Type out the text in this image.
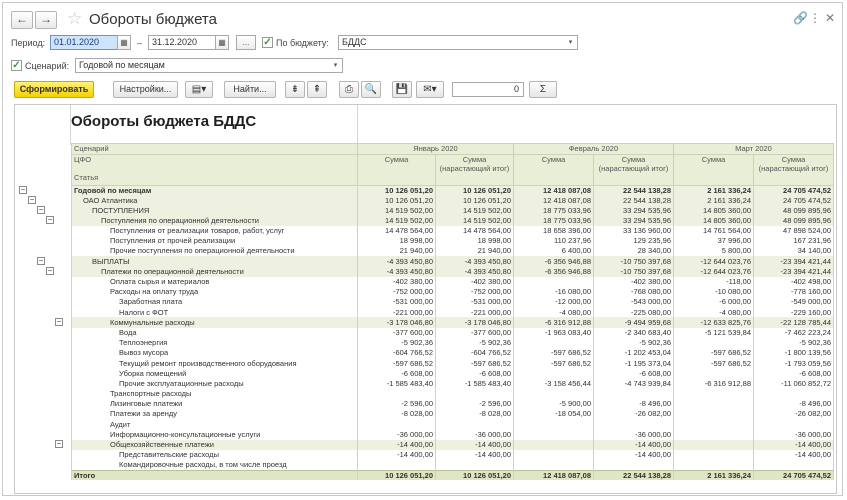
←	→ ☆ Обороты бюджета	🔗 ⋮ ✕
Период: 01.01.2020	▦	–	31.12.2020	▦	...	✓ По бюджету:	БДДС	▾
✓ Сценарий:	Годовой по месяцам	▾
Сформировать	Настройки...	▤▾	Найти...	⇟	⇞	⎙	🔍	💾	✉▾	0	Σ
Обороты бюджета БДДС
−
−
−
−
−
−
−
−
Сценарий	Январь 2020		Февраль 2020		Март 2020	

ЦФО
Статья	Сумма	Сумма (нарастающий итог)	Сумма	Сумма (нарастающий итог)	Сумма	Сумма (нарастающий итог)
Годовой по месяцам	10 126 051,20	10 126 051,20	12 418 087,08	22 544 138,28	2 161 336,24	24 705 474,52
ОАО Атлантика	10 126 051,20	10 126 051,20	12 418 087,08	22 544 138,28	2 161 336,24	24 705 474,52
ПОСТУПЛЕНИЯ	14 519 502,00	14 519 502,00	18 775 033,96	33 294 535,96	14 805 360,00	48 099 895,96
Поступления по операционной деятельности	14 519 502,00	14 519 502,00	18 775 033,96	33 294 535,96	14 805 360,00	48 099 895,96
Поступления от реализации товаров, работ, услуг	14 478 564,00	14 478 564,00	18 658 396,00	33 136 960,00	14 761 564,00	47 898 524,00
Поступления от прочей реализации	18 998,00	18 998,00	110 237,96	129 235,96	37 996,00	167 231,96
Прочие поступления по операционной деятельности	21 940,00	21 940,00	6 400,00	28 340,00	5 800,00	34 140,00
ВЫПЛАТЫ	-4 393 450,80	-4 393 450,80	-6 356 946,88	-10 750 397,68	-12 644 023,76	-23 394 421,44
Платежи по операционной деятельности	-4 393 450,80	-4 393 450,80	-6 356 946,88	-10 750 397,68	-12 644 023,76	-23 394 421,44
Оплата сырья и материалов	-402 380,00	-402 380,00		-402 380,00	-118,00	-402 498,00
Расходы на оплату труда	-752 000,00	-752 000,00	-16 080,00	-768 080,00	-10 080,00	-778 160,00
Заработная плата	-531 000,00	-531 000,00	-12 000,00	-543 000,00	-6 000,00	-549 000,00
Налоги с ФОТ	-221 000,00	-221 000,00	-4 080,00	-225 080,00	-4 080,00	-229 160,00
Коммунальные расходы	-3 178 046,80	-3 178 046,80	-6 316 912,88	-9 494 959,68	-12 633 825,76	-22 128 785,44
Вода	-377 600,00	-377 600,00	-1 963 083,40	-2 340 683,40	-5 121 539,84	-7 462 223,24
Теплоэнергия	-5 902,36	-5 902,36		-5 902,36		-5 902,36
Вывоз мусора	-604 766,52	-604 766,52	-597 686,52	-1 202 453,04	-597 686,52	-1 800 139,56
Текущий ремонт производственного оборудования	-597 686,52	-597 686,52	-597 686,52	-1 195 373,04	-597 686,52	-1 793 059,56
Уборка помещений	-6 608,00	-6 608,00		-6 608,00		-6 608,00
Прочие эксплуатационные расходы	-1 585 483,40	-1 585 483,40	-3 158 456,44	-4 743 939,84	-6 316 912,88	-11 060 852,72
Транспортные расходы						
Лизинговые платежи	-2 596,00	-2 596,00	-5 900,00	-8 496,00		-8 496,00
Платежи за аренду	-8 028,00	-8 028,00	-18 054,00	-26 082,00		-26 082,00
Аудит						
Информационно-консультационные услуги	-36 000,00	-36 000,00		-36 000,00		-36 000,00
Общехозяйственные платежи	-14 400,00	-14 400,00		-14 400,00		-14 400,00
Представительские расходы	-14 400,00	-14 400,00		-14 400,00		-14 400,00
Командировочные расходы, в том числе проезд						
Итого	10 126 051,20	10 126 051,20	12 418 087,08	22 544 138,28	2 161 336,24	24 705 474,52
